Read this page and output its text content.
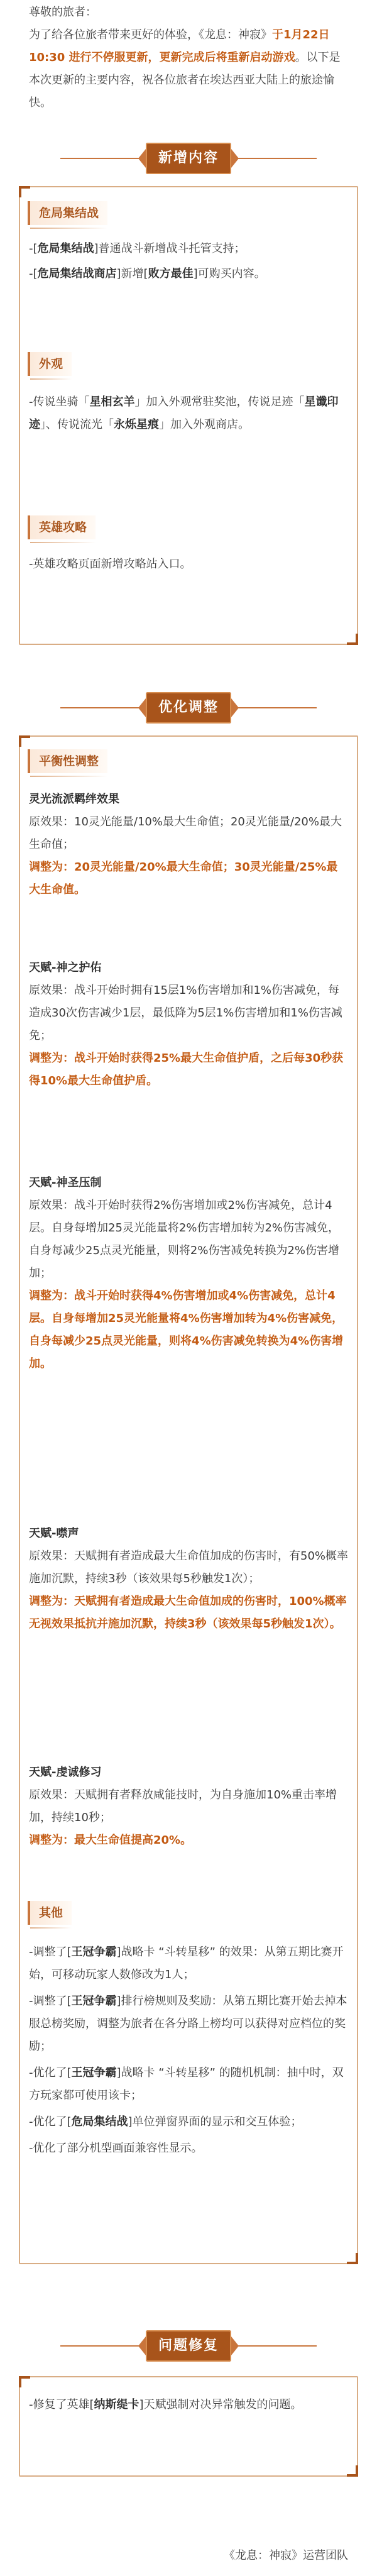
尊敬的旅者：

为了给各位旅者带来更好的体验，《龙息：神寂》于1月22日10:30 进行不停服更新，更新完成后将重新启动游戏。以下是本次更新的主要内容，祝各位旅者在埃达西亚大陆上的旅途愉快。

新增内容
危局集结战

-[危局集结战]普通战斗新增战斗托管支持；

-[危局集结战商店]新增[败方最佳]可购买内容。

外观

-传说坐骑「星相玄羊」加入外观常驻奖池，传说足迹「星谶印迹」、传说流光「永烁星痕」加入外观商店。

英雄攻略

-英雄攻略页面新增攻略站入口。

优化调整
平衡性调整

灵光流派羁绊效果

原效果：10灵光能量/10%最大生命值；20灵光能量/20%最大生命值；

调整为：20灵光能量/20%最大生命值；30灵光能量/25%最大生命值。

天赋-神之护佑

原效果：战斗开始时拥有15层1%伤害增加和1%伤害减免，每造成30次伤害减少1层，最低降为5层1%伤害增加和1%伤害减免；

调整为：战斗开始时获得25%最大生命值护盾，之后每30秒获得10%最大生命值护盾。

天赋-神圣压制

原效果：战斗开始时获得2%伤害增加或2%伤害减免，总计4层。自身每增加25灵光能量将2%伤害增加转为2%伤害减免，自身每减少25点灵光能量，则将2%伤害减免转换为2%伤害增加；

调整为：战斗开始时获得4%伤害增加或4%伤害减免，总计4层。自身每增加25灵光能量将4%伤害增加转为4%伤害减免，自身每减少25点灵光能量，则将4%伤害减免转换为4%伤害增加。

天赋-噤声

原效果：天赋拥有者造成最大生命值加成的伤害时，有50%概率施加沉默，持续3秒（该效果每5秒触发1次）；

调整为：天赋拥有者造成最大生命值加成的伤害时，100%概率无视效果抵抗并施加沉默，持续3秒（该效果每5秒触发1次）。

天赋-虔诚修习

原效果：天赋拥有者释放咸能技时，为自身施加10%重击率增加，持续10秒；

调整为：最大生命值提高20%。

其他

-调整了[王冠争霸]战略卡 “斗转星移” 的效果：从第五期比赛开始，可移动玩家人数修改为1人；

-调整了[王冠争霸]排行榜规则及奖励：从第五期比赛开始去掉本服总榜奖励，调整为旅者在各分路上榜均可以获得对应档位的奖励；

-优化了[王冠争霸]战略卡 “斗转星移” 的随机机制：抽中时，双方玩家都可使用该卡；

-优化了[危局集结战]单位弹窗界面的显示和交互体验；

-优化了部分机型画面兼容性显示。

问题修复

-修复了英雄[纳斯缇卡]天赋强制对决异常触发的问题。

《龙息：神寂》运营团队
